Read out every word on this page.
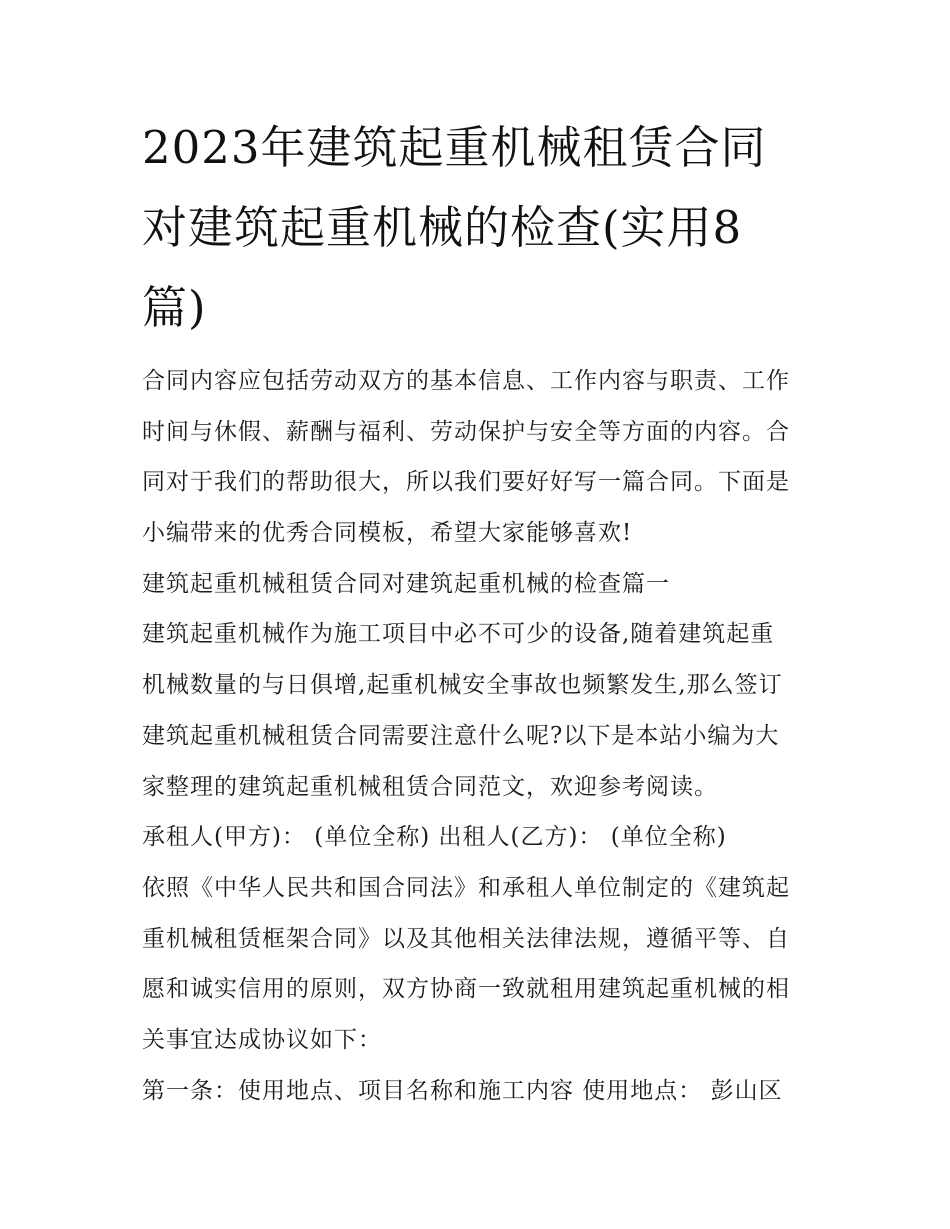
2023年建筑起重机械租赁合同
对建筑起重机械的检查(实用8
篇)

合同内容应包括劳动双方的基本信息、工作内容与职责、工作
时间与休假、薪酬与福利、劳动保护与安全等方面的内容。合
同对于我们的帮助很大，所以我们要好好写一篇合同。下面是
小编带来的优秀合同模板，希望大家能够喜欢!

建筑起重机械租赁合同对建筑起重机械的检查篇一

建筑起重机械作为施工项目中必不可少的设备,随着建筑起重
机械数量的与日俱增,起重机械安全事故也频繁发生,那么签订
建筑起重机械租赁合同需要注意什么呢?以下是本站小编为大
家整理的建筑起重机械租赁合同范文，欢迎参考阅读。

承租人(甲方)： (单位全称) 出租人(乙方)： (单位全称)

依照《中华人民共和国合同法》和承租人单位制定的《建筑起
重机械租赁框架合同》以及其他相关法律法规，遵循平等、自
愿和诚实信用的原则，双方协商一致就租用建筑起重机械的相
关事宜达成协议如下：

第一条：使用地点、项目名称和施工内容 使用地点： 彭山区
